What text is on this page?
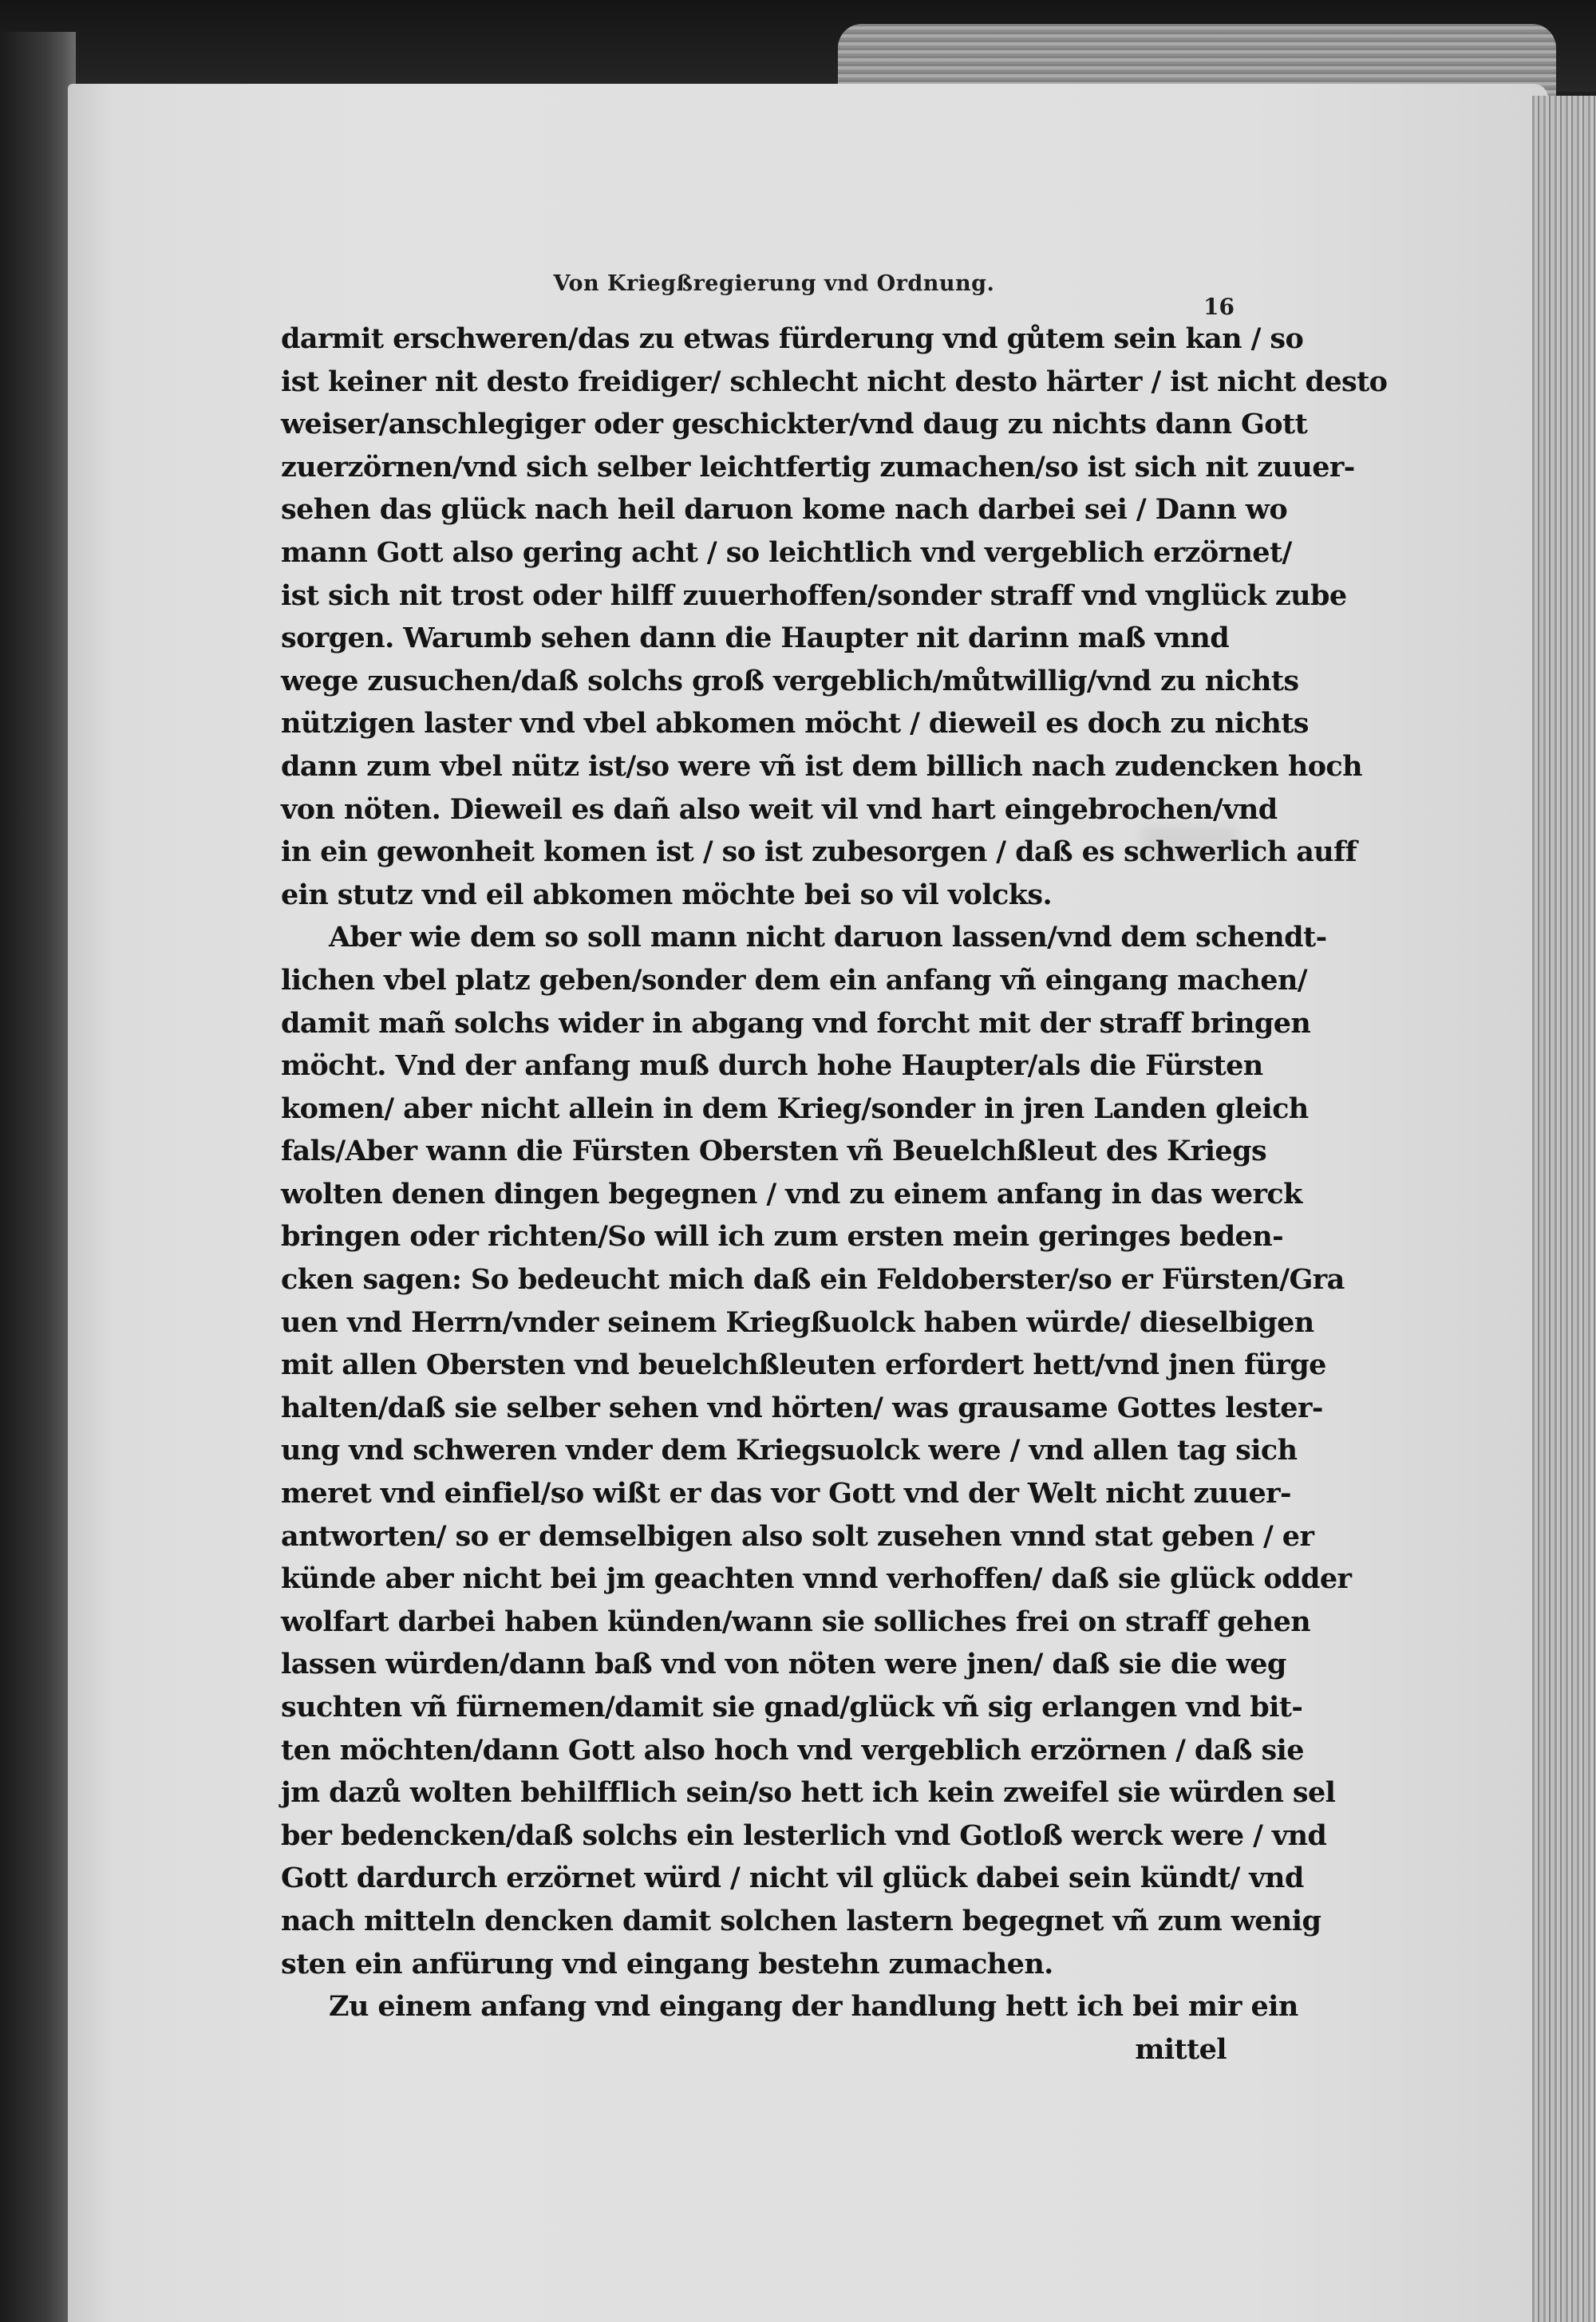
Von Kriegßregierung vnd Ordnung.
16
darmit erschweren/das zu etwas fürderung vnd gůtem sein kan / so
ist keiner nit desto freidiger/ schlecht nicht desto härter / ist nicht desto
weiser/anschlegiger oder geschickter/vnd daug zu nichts dann Gott
zuerzörnen/vnd sich selber leichtfertig zumachen/so ist sich nit zuuer-
sehen das glück nach heil daruon kome nach darbei sei / Dann wo
mann Gott also gering acht / so leichtlich vnd vergeblich erzörnet/
ist sich nit trost oder hilff zuuerhoffen/sonder straff vnd vnglück zube
sorgen. Warumb sehen dann die Haupter nit darinn maß vnnd
wege zusuchen/daß solchs groß vergeblich/můtwillig/vnd zu nichts
nützigen laster vnd vbel abkomen möcht / dieweil es doch zu nichts
dann zum vbel nütz ist/so were vñ ist dem billich nach zudencken hoch
von nöten. Dieweil es dañ also weit vil vnd hart eingebrochen/vnd
in ein gewonheit komen ist / so ist zubesorgen / daß es schwerlich auff
ein stutz vnd eil abkomen möchte bei so vil volcks.
Aber wie dem so soll mann nicht daruon lassen/vnd dem schendt-
lichen vbel platz geben/sonder dem ein anfang vñ eingang machen/
damit mañ solchs wider in abgang vnd forcht mit der straff bringen
möcht. Vnd der anfang muß durch hohe Haupter/als die Fürsten
komen/ aber nicht allein in dem Krieg/sonder in jren Landen gleich
fals/Aber wann die Fürsten Obersten vñ Beuelchßleut des Kriegs
wolten denen dingen begegnen / vnd zu einem anfang in das werck
bringen oder richten/So will ich zum ersten mein geringes beden-
cken sagen: So bedeucht mich daß ein Feldoberster/so er Fürsten/Gra
uen vnd Herrn/vnder seinem Kriegßuolck haben würde/ dieselbigen
mit allen Obersten vnd beuelchßleuten erfordert hett/vnd jnen fürge
halten/daß sie selber sehen vnd hörten/ was grausame Gottes lester-
ung vnd schweren vnder dem Kriegsuolck were / vnd allen tag sich
meret vnd einfiel/so wißt er das vor Gott vnd der Welt nicht zuuer-
antworten/ so er demselbigen also solt zusehen vnnd stat geben / er
künde aber nicht bei jm geachten vnnd verhoffen/ daß sie glück odder
wolfart darbei haben künden/wann sie solliches frei on straff gehen
lassen würden/dann baß vnd von nöten were jnen/ daß sie die weg
suchten vñ fürnemen/damit sie gnad/glück vñ sig erlangen vnd bit-
ten möchten/dann Gott also hoch vnd vergeblich erzörnen / daß sie
jm dazů wolten behilfflich sein/so hett ich kein zweifel sie würden sel
ber bedencken/daß solchs ein lesterlich vnd Gotloß werck were / vnd
Gott dardurch erzörnet würd / nicht vil glück dabei sein kündt/ vnd
nach mitteln dencken damit solchen lastern begegnet vñ zum wenig
sten ein anfürung vnd eingang bestehn zumachen.
Zu einem anfang vnd eingang der handlung hett ich bei mir ein
mittel
